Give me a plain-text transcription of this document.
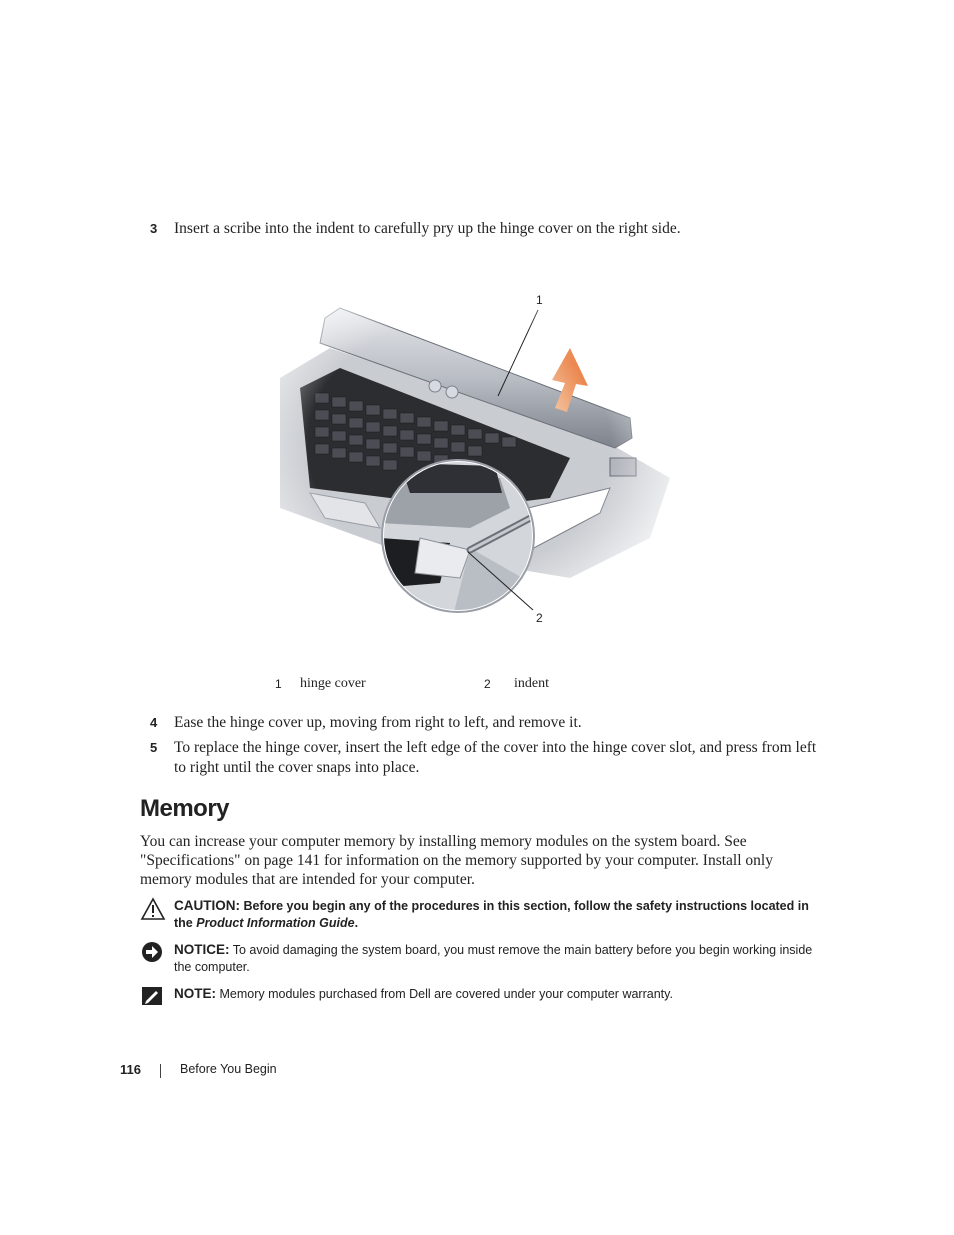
3 Insert a scribe into the indent to carefully pry up the hinge cover on the right side.
1
2
1 hinge cover	2 indent
4 Ease the hinge cover up, moving from right to left, and remove it.
5 To replace the hinge cover, insert the left edge of the cover into the hinge cover slot, and press from left to right until the cover snaps into place.
Memory
You can increase your computer memory by installing memory modules on the system board. See "Specifications" on page 141 for information on the memory supported by your computer. Install only memory modules that are intended for your computer.
CAUTION: Before you begin any of the procedures in this section, follow the safety instructions located in the Product Information Guide.
NOTICE: To avoid damaging the system board, you must remove the main battery before you begin working inside the computer.
NOTE: Memory modules purchased from Dell are covered under your computer warranty.
116	Before You Begin
